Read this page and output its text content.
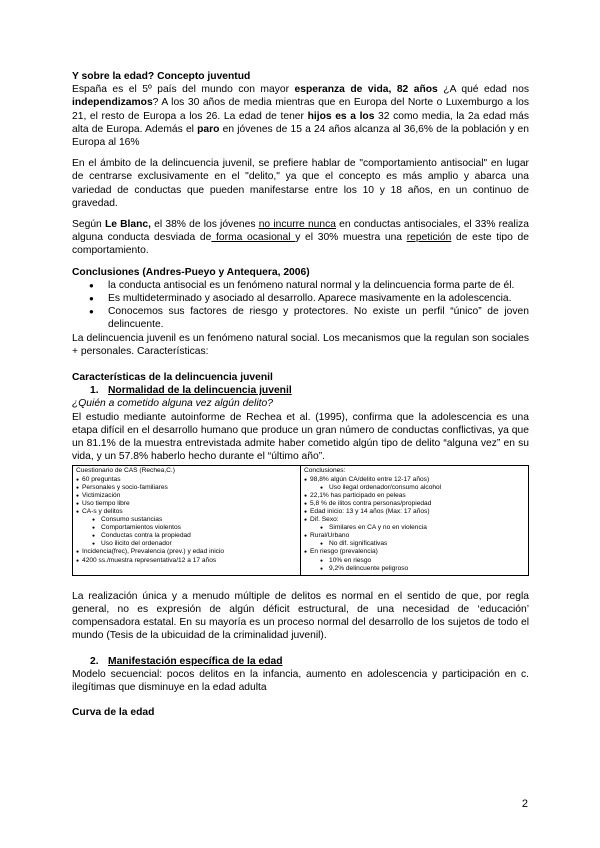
Y sobre la edad? Concepto juventud

España es el 5º país del mundo con mayor esperanza de vida, 82 años ¿A qué edad nos independizamos? A los 30 años de media mientras que en Europa del Norte o Luxemburgo a los 21, el resto de Europa a los 26. La edad de tener hijos es a los 32 como media, la 2a edad más alta de Europa. Además el paro en jóvenes de 15 a 24 años alcanza al 36,6% de la población y en Europa al 16%

En el ámbito de la delincuencia juvenil, se prefiere hablar de "comportamiento antisocial" en lugar de centrarse exclusivamente en el "delito," ya que el concepto es más amplio y abarca una variedad de conductas que pueden manifestarse entre los 10 y 18 años, en un continuo de gravedad.

Según Le Blanc, el 38% de los jóvenes no incurre nunca en conductas antisociales, el 33% realiza alguna conducta desviada de forma ocasional y el 30% muestra una repetición de este tipo de comportamiento.

Conclusiones (Andres-Pueyo y Antequera, 2006)

● la conducta antisocial es un fenómeno natural normal y la delincuencia forma parte de él.
● Es multideterminado y asociado al desarrollo. Aparece masivamente en la adolescencia.
● Conocemos sus factores de riesgo y protectores. No existe un perfil “único” de joven delincuente.

La delincuencia juvenil es un fenómeno natural social. Los mecanismos que la regulan son sociales + personales. Características:

Características de la delincuencia juvenil

1. Normalidad de la delincuencia juvenil

¿Quién a cometido alguna vez algún delito?

El estudio mediante autoinforme de Rechea et al. (1995), confirma que la adolescencia es una etapa difícil en el desarrollo humano que produce un gran número de conductas conflictivas, ya que un 81.1% de la muestra entrevistada admite haber cometido algún tipo de delito “alguna vez” en su vida, y un 57.8% haberlo hecho durante el “último año”.

Cuestionario de CAS (Rechea,C.)
● 60 preguntas
● Personales y socio-familiares
● Victimización
● Uso tiempo libre
● CA-s y delitos
● Consumo sustancias
● Comportamientos violentos
● Conductas contra la propiedad
● Uso ilicito del ordenador
● Incidencia(frec), Prevalencia (prev.) y edad inicio
● 4200 ss./muestra representativa/12 a 17 años

Conclusiones:
● 98,8% algún CA/delito entre 12-17 años)
● Uso ilegal ordenador/consumo alcohol
● 22,1% has participado en peleas
● 5,8 % de ilitos contra personas/propiedad
● Edad inicio: 13 y 14 años (Max: 17 años)
● Dif. Sexo:
● Similares en CA y no en violencia
● Rural/Urbano
● No dif. significativas
● En riesgo (prevalencia)
● 10% en riesgo
● 9,2% delincuente peligroso

La realización única y a menudo múltiple de delitos es normal en el sentido de que, por regla general, no es expresión de algún déficit estructural, de una necesidad de ‘educación’ compensadora estatal. En su mayoría es un proceso normal del desarrollo de los sujetos de todo el mundo (Tesis de la ubicuidad de la criminalidad juvenil).

2. Manifestación específica de la edad

Modelo secuencial: pocos delitos en la infancia, aumento en adolescencia y participación en c. ilegítimas que disminuye en la edad adulta

Curva de la edad

2
